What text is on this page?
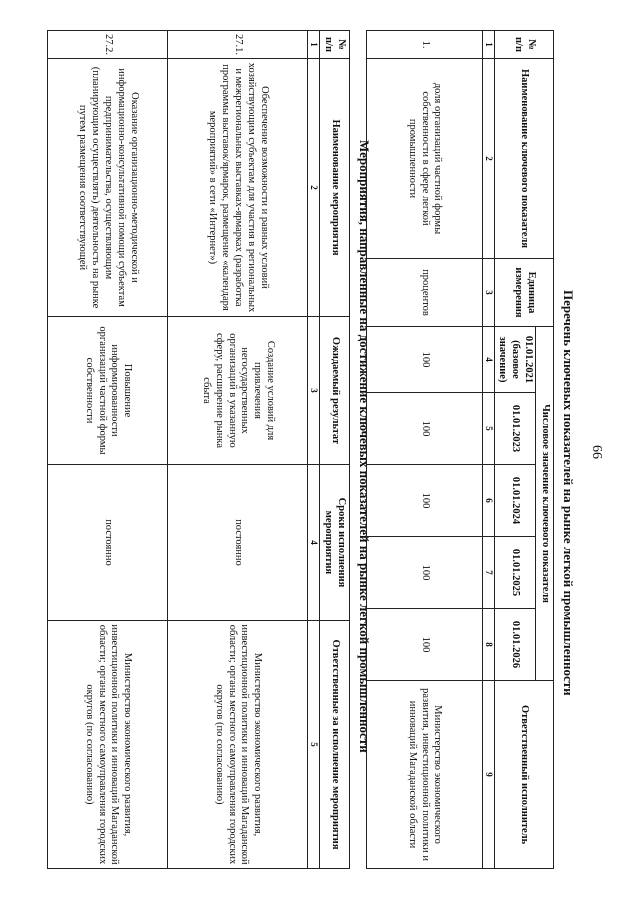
66
Перечень ключевых показателей на рынке легкой промышленности
№ п/п	Наименование ключевого показателя	Единица измерения	Числовое значение ключевого показателя					Ответственный исполнитель
			01.01.2021 (базовое значение)	01.01.2023	01.01.2024	01.01.2025	01.01.2026	
1	2	3	4	5	6	7	8	9
1.	доля организаций частной формы собственности в сфере легкой промышленности	процентов	100	100	100	100	100	Министерство экономического развития, инвестиционной политики и инноваций Магаданской области
Мероприятия, направленные на достижение ключевых показателей на рынке легкой промышленности
№ п/п	Наименование мероприятия	Ожидаемый результат	Сроки исполнения мероприятия	Ответственные за исполнение мероприятия
1	2	3	4	5
27.1.	Обеспечение возможности и равных условий хозяйствующим субъектам для участия в региональных и межрегиональных выставках-ярмарках (разработка программы выставок/ярмарок, размещение «календаря мероприятий» в сети «Интернет»)	Создание условий для привлечения негосударственных организаций в указанную сферу, расширение рынка сбыта	постоянно	Министерство экономического развития, инвестиционной политики и инноваций Магаданской области; органы местного самоуправления городских округов (по согласованию)
27.2.	Оказание организационно-методической и информационно-консультативной помощи субъектам предпринимательства, осуществляющим (планирующим осуществлять) деятельность на рынке путем размещения соответствующей	Повышение информированности организаций частной формы собственности	постоянно	Министерство экономического развития, инвестиционной политики и инноваций Магаданской области; органы местного самоуправления городских округов (по согласованию)
